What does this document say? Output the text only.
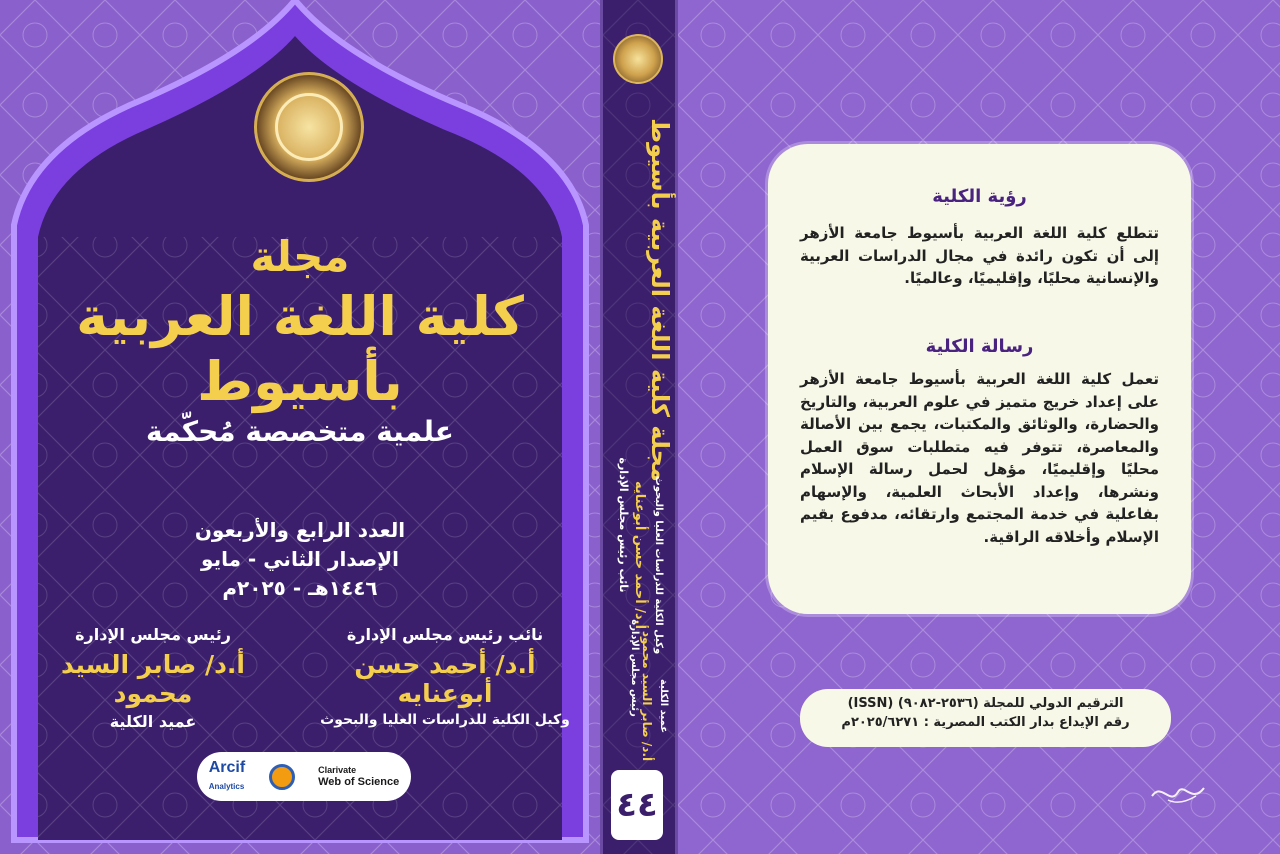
مجلة
كلية اللغة العربية بأسيوط
علمية متخصصة مُحكّمة
العدد الرابع والأربعون
الإصدار الثاني - مايو
١٤٤٦هـ - ٢٠٢٥م
رئيس مجلس الإدارة
أ.د/ صابر السيد محمود
عميد الكلية
نائب رئيس مجلس الإدارة
أ.د/ أحمد حسن أبوعنايه
وكيل الكلية للدراسات العليا والبحوث
Arcif
Analytics
Clarivate
Web of Science
مجلة كلية اللغة العربية بأسيوط
نائب رئيس مجلس الإدارة أ.د/ أحمد حسن أبوعنايه وكيل الكلية للدراسات العليا والبحوث
رئيس مجلس الإدارة أ.د/ صابر السيد محمود عميد الكلية
٤٤
رؤية الكلية
تتطلع كلية اللغة العربية بأسيوط جامعة الأزهر إلى أن تكون رائدة في مجال الدراسات العربية والإنسانية محليًا، وإقليميًا، وعالميًا.
رسالة الكلية
تعمل كلية اللغة العربية بأسيوط جامعة الأزهر على إعداد خريج متميز في علوم العربية، والتاريخ والحضارة، والوثائق والمكتبات، يجمع بين الأصالة والمعاصرة، تتوفر فيه متطلبات سوق العمل محليًا وإقليميًا، مؤهل لحمل رسالة الإسلام ونشرها، وإعداد الأبحاث العلمية، والإسهام بفاعلية في خدمة المجتمع وارتقائه، مدفوع بقيم الإسلام وأخلاقه الراقية.
الترقيم الدولي للمجلة (٢٥٣٦-٩٠٨٢) (ISSN)
رقم الإيداع بدار الكتب المصرية : ٢٠٢٥/٦٢٧١م
